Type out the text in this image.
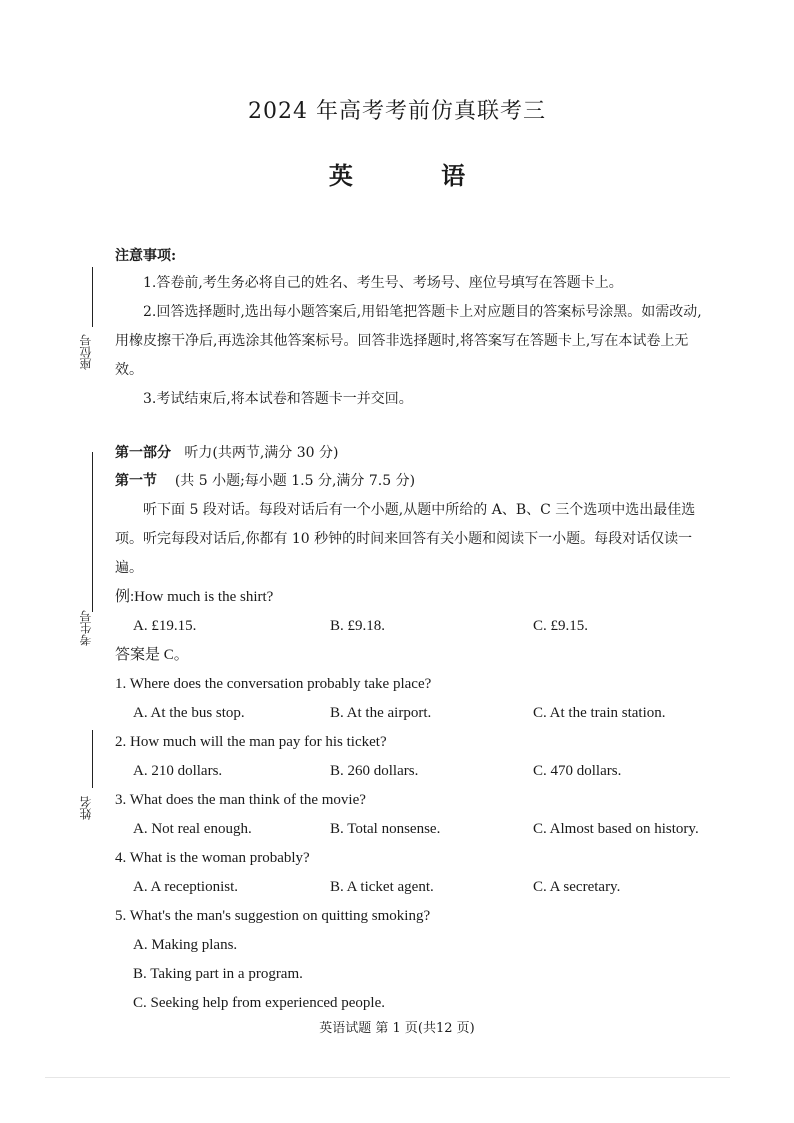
座位号
考生号
姓名
2024 年高考考前仿真联考三
英 语
注意事项:

1.答卷前,考生务必将自己的姓名、考生号、考场号、座位号填写在答题卡上。

2.回答选择题时,选出每小题答案后,用铅笔把答题卡上对应题目的答案标号涂黑。如需改动,用橡皮擦干净后,再选涂其他答案标号。回答非选择题时,将答案写在答题卡上,写在本试卷上无效。

3.考试结束后,将本试卷和答题卡一并交回。

第一部分 听力(共两节,满分 30 分)
第一节 (共 5 小题;每小题 1.5 分,满分 7.5 分)
听下面 5 段对话。每段对话后有一个小题,从题中所给的 A、B、C 三个选项中选出最佳选项。听完每段对话后,你都有 10 秒钟的时间来回答有关小题和阅读下一小题。每段对话仅读一遍。
例:How much is the shirt?
A. £19.15.	B. £9.18.	C. £9.15.
答案是 C。
1. Where does the conversation probably take place?
A. At the bus stop.	B. At the airport.	C. At the train station.
2. How much will the man pay for his ticket?
A. 210 dollars.	B. 260 dollars.	C. 470 dollars.
3. What does the man think of the movie?
A. Not real enough.	B. Total nonsense.	C. Almost based on history.
4. What is the woman probably?
A. A receptionist.	B. A ticket agent.	C. A secretary.
5. What's the man's suggestion on quitting smoking?
A. Making plans.
B. Taking part in a program.
C. Seeking help from experienced people.
英语试题 第 1 页(共12 页)
